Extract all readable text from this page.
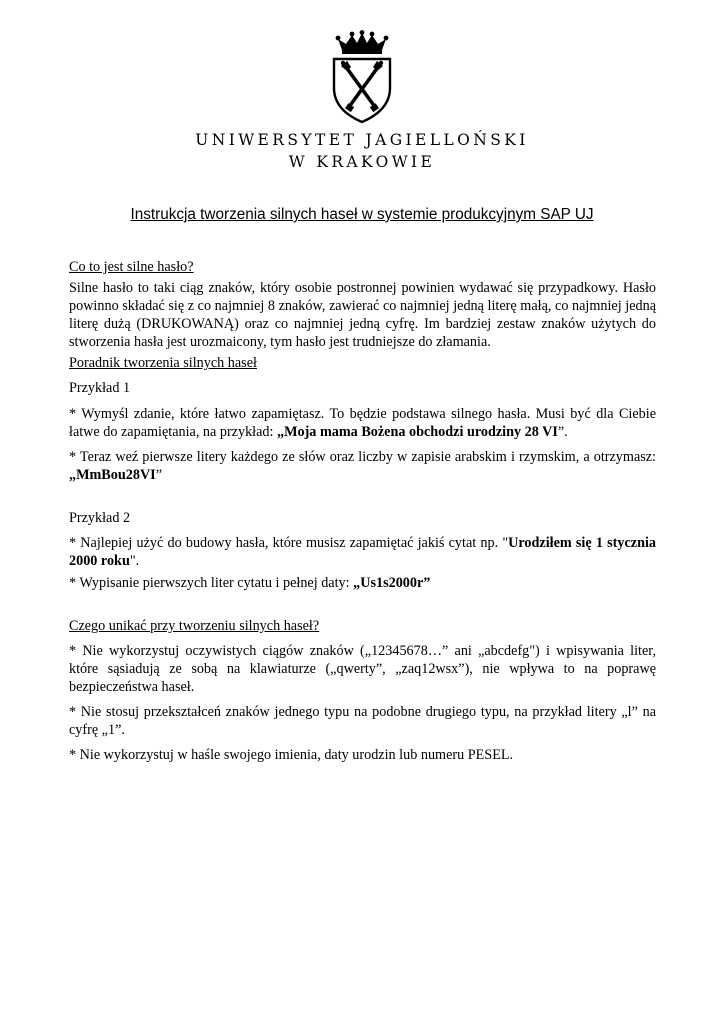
UNIWERSYTET JAGIELLOŃSKI
W KRAKOWIE
Instrukcja tworzenia silnych haseł w systemie produkcyjnym SAP UJ

Co to jest silne hasło?

Silne hasło to taki ciąg znaków, który osobie postronnej powinien wydawać się przypadkowy. Hasło powinno składać się z co najmniej 8 znaków, zawierać co najmniej jedną literę małą, co najmniej jedną literę dużą (DRUKOWANĄ) oraz co najmniej jedną cyfrę. Im bardziej zestaw znaków użytych do stworzenia hasła jest urozmaicony, tym hasło jest trudniejsze do złamania.

Poradnik tworzenia silnych haseł

Przykład 1

* Wymyśl zdanie, które łatwo zapamiętasz. To będzie podstawa silnego hasła. Musi być dla Ciebie łatwe do zapamiętania, na przykład: „Moja mama Bożena obchodzi urodziny 28 VI”.

* Teraz weź pierwsze litery każdego ze słów oraz liczby w zapisie arabskim i rzymskim, a otrzymasz: „MmBou28VI”

Przykład 2

* Najlepiej użyć do budowy hasła, które musisz zapamiętać jakiś cytat np. "Urodziłem się 1 stycznia 2000 roku".

* Wypisanie pierwszych liter cytatu i pełnej daty: „Us1s2000r”

Czego unikać przy tworzeniu silnych haseł?

* Nie wykorzystuj oczywistych ciągów znaków („12345678…” ani „abcdefg") i wpisywania liter, które sąsiadują ze sobą na klawiaturze („qwerty”, „zaq12wsx”), nie wpływa to na poprawę bezpieczeństwa haseł.

* Nie stosuj przekształceń znaków jednego typu na podobne drugiego typu, na przykład litery „l” na cyfrę „1”.

* Nie wykorzystuj w haśle swojego imienia, daty urodzin lub numeru PESEL.
